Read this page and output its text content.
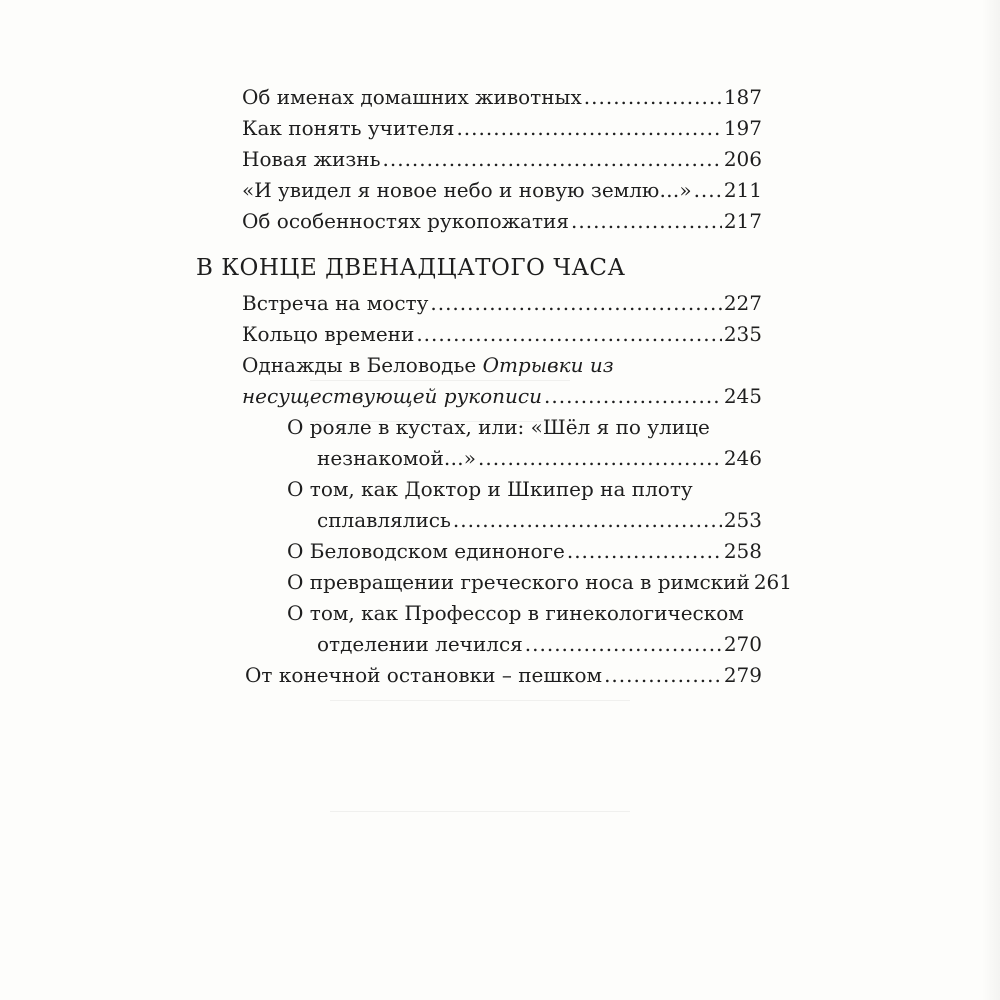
Об именах домашних животных .....	187
Как понять учителя .....	197
Новая жизнь .....	206
«И увидел я новое небо и новую землю…» ..... 211
Об особенностях рукопожатия .....	217
В КОНЦЕ ДВЕНАДЦАТОГО ЧАСА
Встреча на мосту .....	227
Кольцо времени .....	235
Однажды в Беловодье Отрывки из
несуществующей рукописи .....	245
О рояле в кустах, или: «Шёл я по улице
незнакомой…» .....	246
О том, как Доктор и Шкипер на плоту
сплавлялись .....	253
О Беловодском единоноге .....	258
О превращении греческого носа в римский 261
О том, как Профессор в гинекологическом
отделении лечился .....	270
От конечной остановки – пешком .....	279
